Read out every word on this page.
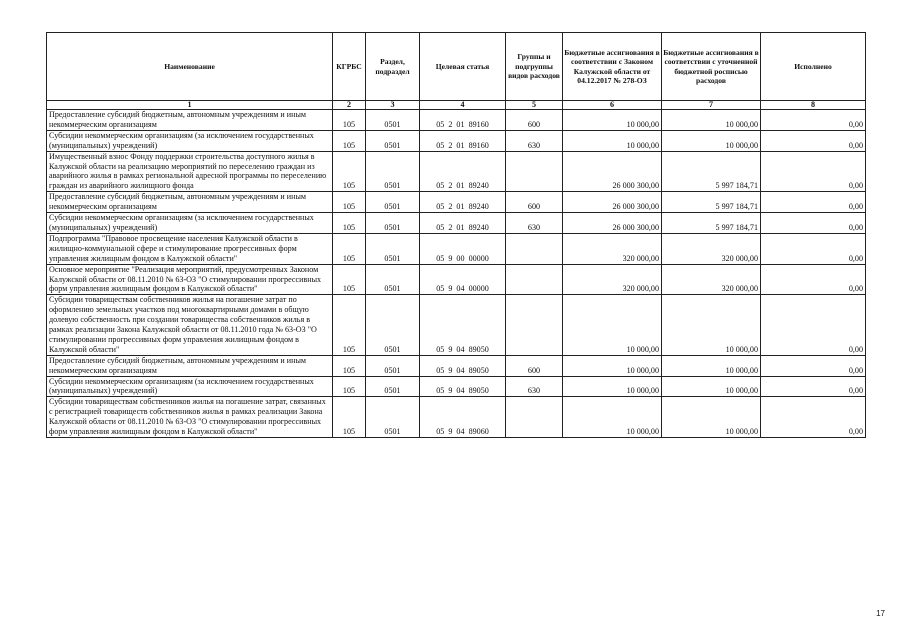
Наименование	КГРБС	Раздел, подраздел	Целевая статья	Группы и подгруппы видов расходов	Бюджетные ассигнования в соответствии с Законом Калужской области от 04.12.2017 № 278-ОЗ	Бюджетные ассигнования в соответствии с уточненной бюджетной росписью расходов	Исполнено
1	2	3	4	5	6	7	8
Предоставление субсидий бюджетным, автономным учреждениям и иным некоммерческим организациям	105	0501	05  2  01  89160	600	10 000,00	10 000,00	0,00
Субсидии некоммерческим организациям (за исключением государственных (муниципальных) учреждений)	105	0501	05  2  01  89160	630	10 000,00	10 000,00	0,00
Имущественный взнос Фонду поддержки строительства доступного жилья в Калужской области на реализацию мероприятий по переселению граждан из аварийного жилья в рамках региональной адресной программы по переселению граждан из аварийного жилищного фонда	105	0501	05  2  01  89240		26 000 300,00	5 997 184,71	0,00
Предоставление субсидий бюджетным, автономным учреждениям и иным некоммерческим организациям	105	0501	05  2  01  89240	600	26 000 300,00	5 997 184,71	0,00
Субсидии некоммерческим организациям (за исключением государственных (муниципальных) учреждений)	105	0501	05  2  01  89240	630	26 000 300,00	5 997 184,71	0,00
Подпрограмма "Правовое просвещение населения Калужской области в жилищно-коммунальной сфере и стимулирование прогрессивных форм управления жилищным фондом в Калужской области"	105	0501	05  9  00  00000		320 000,00	320 000,00	0,00
Основное мероприятие "Реализация мероприятий, предусмотренных Законом Калужской области от 08.11.2010 № 63-ОЗ "О стимулировании прогрессивных форм управления жилищным фондом в Калужской области"	105	0501	05  9  04  00000		320 000,00	320 000,00	0,00
Субсидии товариществам собственников жилья на погашение затрат по оформлению земельных участков под многоквартирными домами в общую долевую собственность при создании товарищества собственников жилья в рамках реализации Закона Калужской области от 08.11.2010 года № 63-ОЗ "О стимулировании прогрессивных форм управления жилищным фондом в Калужской области"	105	0501	05  9  04  89050		10 000,00	10 000,00	0,00
Предоставление субсидий бюджетным, автономным учреждениям и иным некоммерческим организациям	105	0501	05  9  04  89050	600	10 000,00	10 000,00	0,00
Субсидии некоммерческим организациям (за исключением государственных (муниципальных) учреждений)	105	0501	05  9  04  89050	630	10 000,00	10 000,00	0,00
Субсидии товариществам собственников жилья на погашение затрат, связанных с регистрацией товариществ собственников жилья в рамках реализации Закона Калужской области от 08.11.2010 № 63-ОЗ "О стимулировании прогрессивных форм управления жилищным фондом в Калужской области"	105	0501	05  9  04  89060		10 000,00	10 000,00	0,00
17
